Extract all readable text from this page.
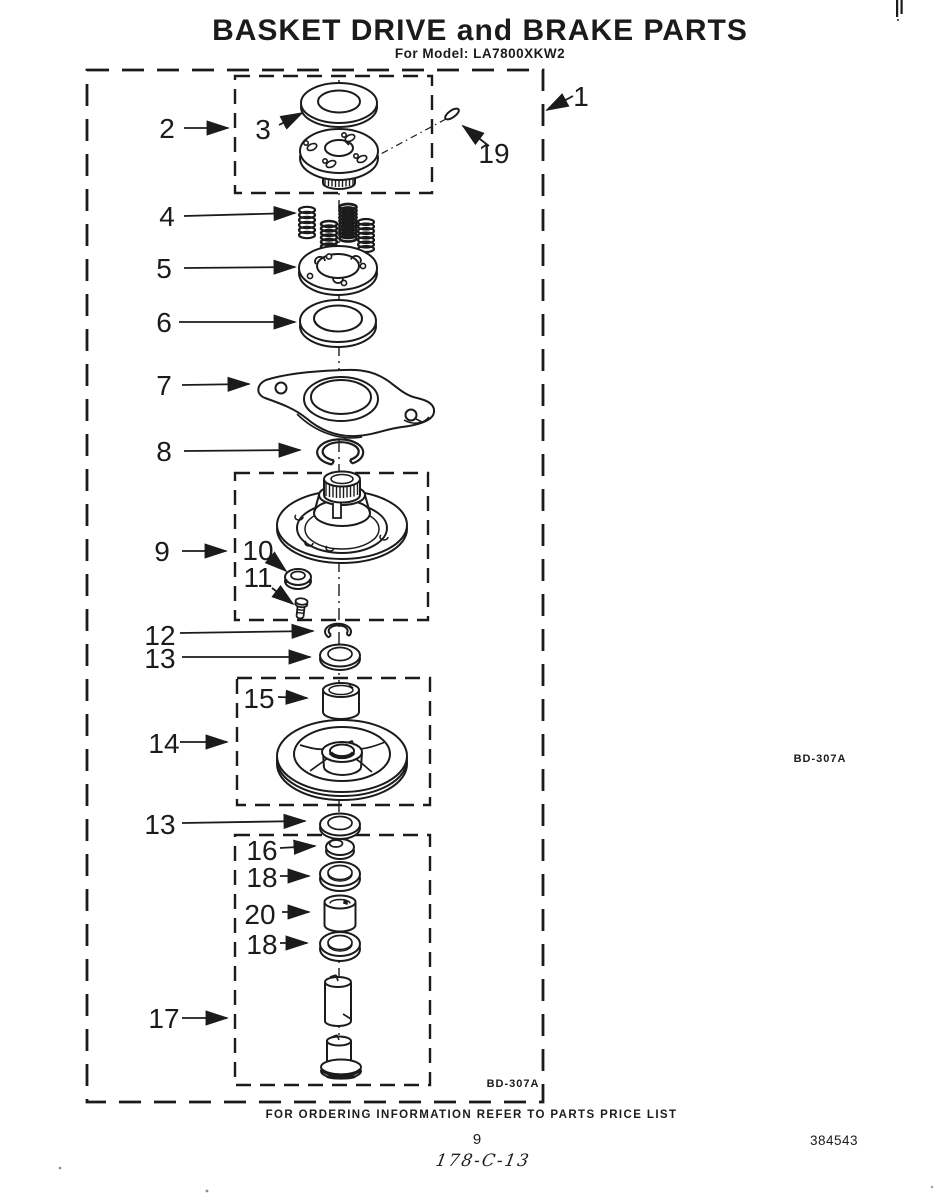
BASKET DRIVE and BRAKE PARTS
For Model: LA7800XKW2
1
2	3
19
4
5
6
7
8
9	10
11
12
13
15
14
13
16
18
20
18
17
BD-307A
BD-307A
FOR ORDERING INFORMATION REFER TO PARTS PRICE LIST
9
178-C-13
384543
